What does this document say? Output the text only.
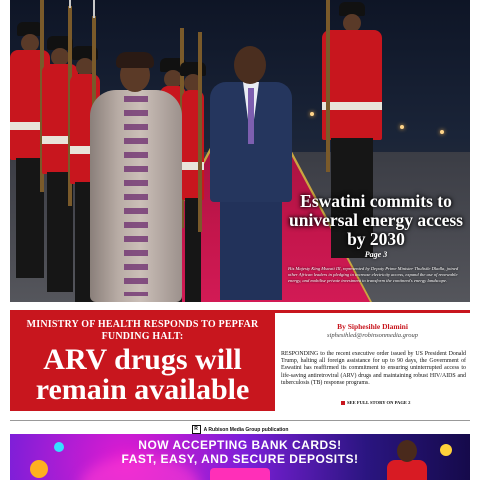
Eswatini commits to universal energy access by 2030
Page 3
His Majesty King Mswati III, represented by Deputy Prime Minister Thulisile Dladla, joined other African leaders in pledging to increase electricity access, expand the use of renewable energy, and mobilise private investment to transform the continent's energy landscape.
MINISTRY OF HEALTH RESPONDS TO PEPFAR FUNDING HALT:
ARV drugs will remain available
By Siphesihle Dlamini
siphesihled@robinsonmedia.group
RESPONDING to the recent executive order issued by US President Donald Trump, halting all foreign assistance for up to 90 days, the Government of Eswatini has reaffirmed its commitment to ensuring uninterrupted access to life-saving antiretroviral (ARV) drugs and maintaining robust HIV/AIDS and tuberculosis (TB) response programs.
SEE FULL STORY ON PAGE 2
R A Rubison Media Group publication
NOW ACCEPTING BANK CARDS!
FAST, EASY, AND SECURE DEPOSITS!
